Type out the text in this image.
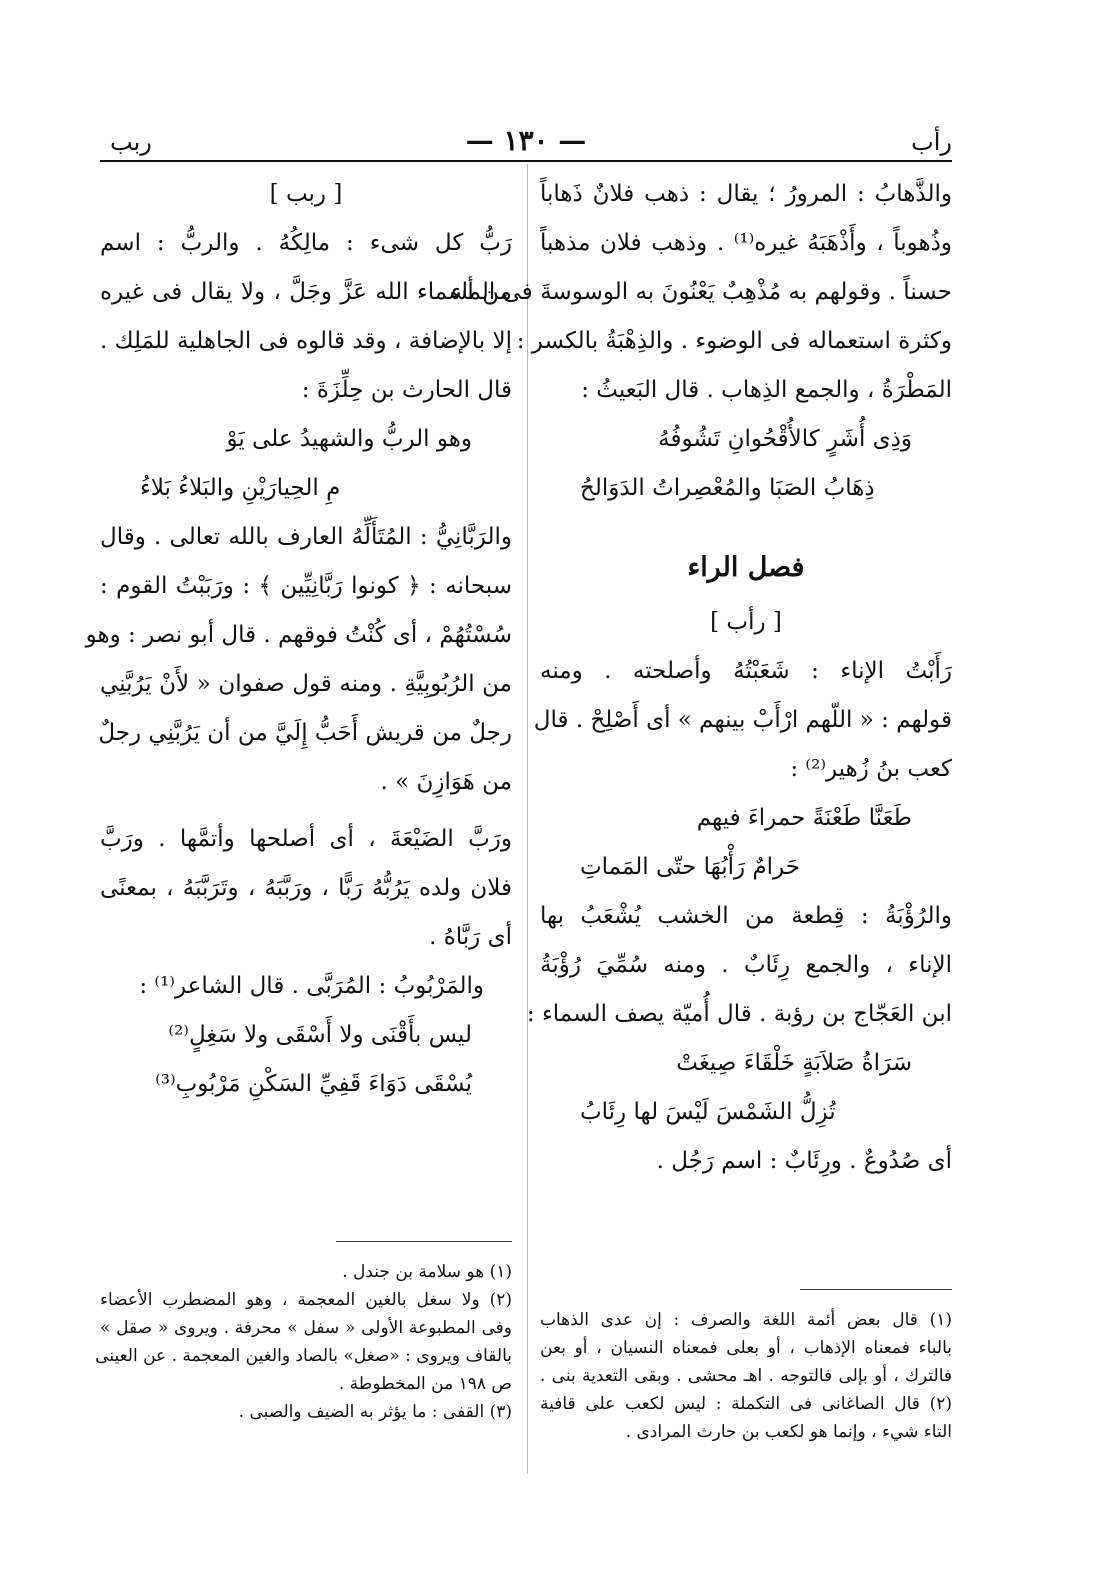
رأب
— ١٣٠ —
ربب
والذَّهابُ : المرورُ ؛ يقال : ذهب فلانٌ ذَهاباً
وذُهوباً ، وأَذْهَبَهُ غيره⁽¹⁾ . وذهب فلان مذهباً
حسناً . وقولهم به مُذْهِبٌ يَعْنُونَ به الوسوسةَ فى الماء
وكثرة استعماله فى الوضوء . والذِهْبَةُ بالكسر :
المَطْرَةُ ، والجمع الذِهاب . قال البَعيثُ :
وَذِى أُشَرٍ كالأُقْحُوانِ تَشُوفُهُ
ذِهَابُ الصَبَا والمُعْصِراتُ الدَوَالحُ
فصل الراء
[ رأب ]
رَأَبْتُ الإناء : شَعَبْتُهُ وأصلحته . ومنه
قولهم : « اللّهم ارْأَبْ بينهم » أى أَصْلِحْ . قال
كعب بنُ زُهير⁽²⁾ :
طَعَنَّا طَعْنَةً حمراءَ فيهم
حَرامٌ رَأْبُهَا حتّى المَماتِ
والرُؤْبَةُ : قِطعة من الخشب يُشْعَبُ بها
الإناء ، والجمع رِئَابٌ . ومنه سُمِّيَ رُؤْبَةُ
ابن العَجّاج بن رؤبة . قال أُميّة يصف السماء :
سَرَاةُ صَلاَبَةٍ خَلْقَاءَ صِيغَتْ
تُزِلُّ الشَمْسَ لَيْسَ لها رِئَابُ
أى صُدُوعٌ . ورِئَابٌ : اسم رَجُل .
[ ربب ]
رَبُّ كل شىء : مالِكُهُ . والربُّ : اسم
من أسماء الله عَزَّ وجَلَّ ، ولا يقال فى غيره
إلا بالإضافة ، وقد قالوه فى الجاهلية للمَلِك .
قال الحارث بن حِلِّزَةَ :
وهو الربُّ والشهيدُ على يَوْ
مِ الحِيارَيْنِ والبَلاءُ بَلاءُ
والرَبَّانِيُّ : المُتَأَلِّهُ العارف بالله تعالى . وقال
سبحانه : ﴿ كونوا رَبَّانِيِّين ﴾ : ورَبَبْتُ القوم :
سُسْتُهُمْ ، أى كُنْتُ فوقهم . قال أبو نصر : وهو
من الرُبُوبِيَّةِ . ومنه قول صفوان « لأَنْ يَرُبَّنِي
رجلٌ من قريش أَحَبُّ إِلَيَّ من أن يَرُبَّنِي رجلٌ
من هَوَازِنَ » .
ورَبَّ الضَيْعَةَ ، أى أصلحها وأتمَّها . ورَبَّ
فلان ولده يَرُبُّهُ رَبًّا ، ورَبَّبَهُ ، وتَرَبَّبَهُ ، بمعنًى
أى رَبَّاهُ .
والمَرْبُوبُ : المُرَبَّى . قال الشاعر⁽¹⁾ :
ليس بأَقْنَى ولا أَسْقَى ولا سَغِلٍ⁽²⁾
يُسْقَى دَوَاءَ قَفِيِّ السَكْنِ مَرْبُوبِ⁽³⁾
(١) قال بعض أئمة اللغة والصرف : إن عدى الذهاب
بالباء فمعناه الإذهاب ، أو بعلى فمعناه النسيان ، أو بعن
فالترك ، أو بإلى فالتوجه . اهـ محشى . وبقى التعدية بنى .
(٢) قال الصاغانى فى التكملة : ليس لكعب على قافية
التاء شيء ، وإنما هو لكعب بن حارث المرادى .
(١) هو سلامة بن جندل .
(٢) ولا سغل بالغين المعجمة ، وهو المضطرب الأعضاء
وفى المطبوعة الأولى « سفل » محرفة . ويروى « صقل »
بالقاف ويروى : «صغل» بالصاد والغين المعجمة . عن العينى
ص ١٩٨ من المخطوطة .
(٣) القفى : ما يؤثر به الضيف والصبى .
